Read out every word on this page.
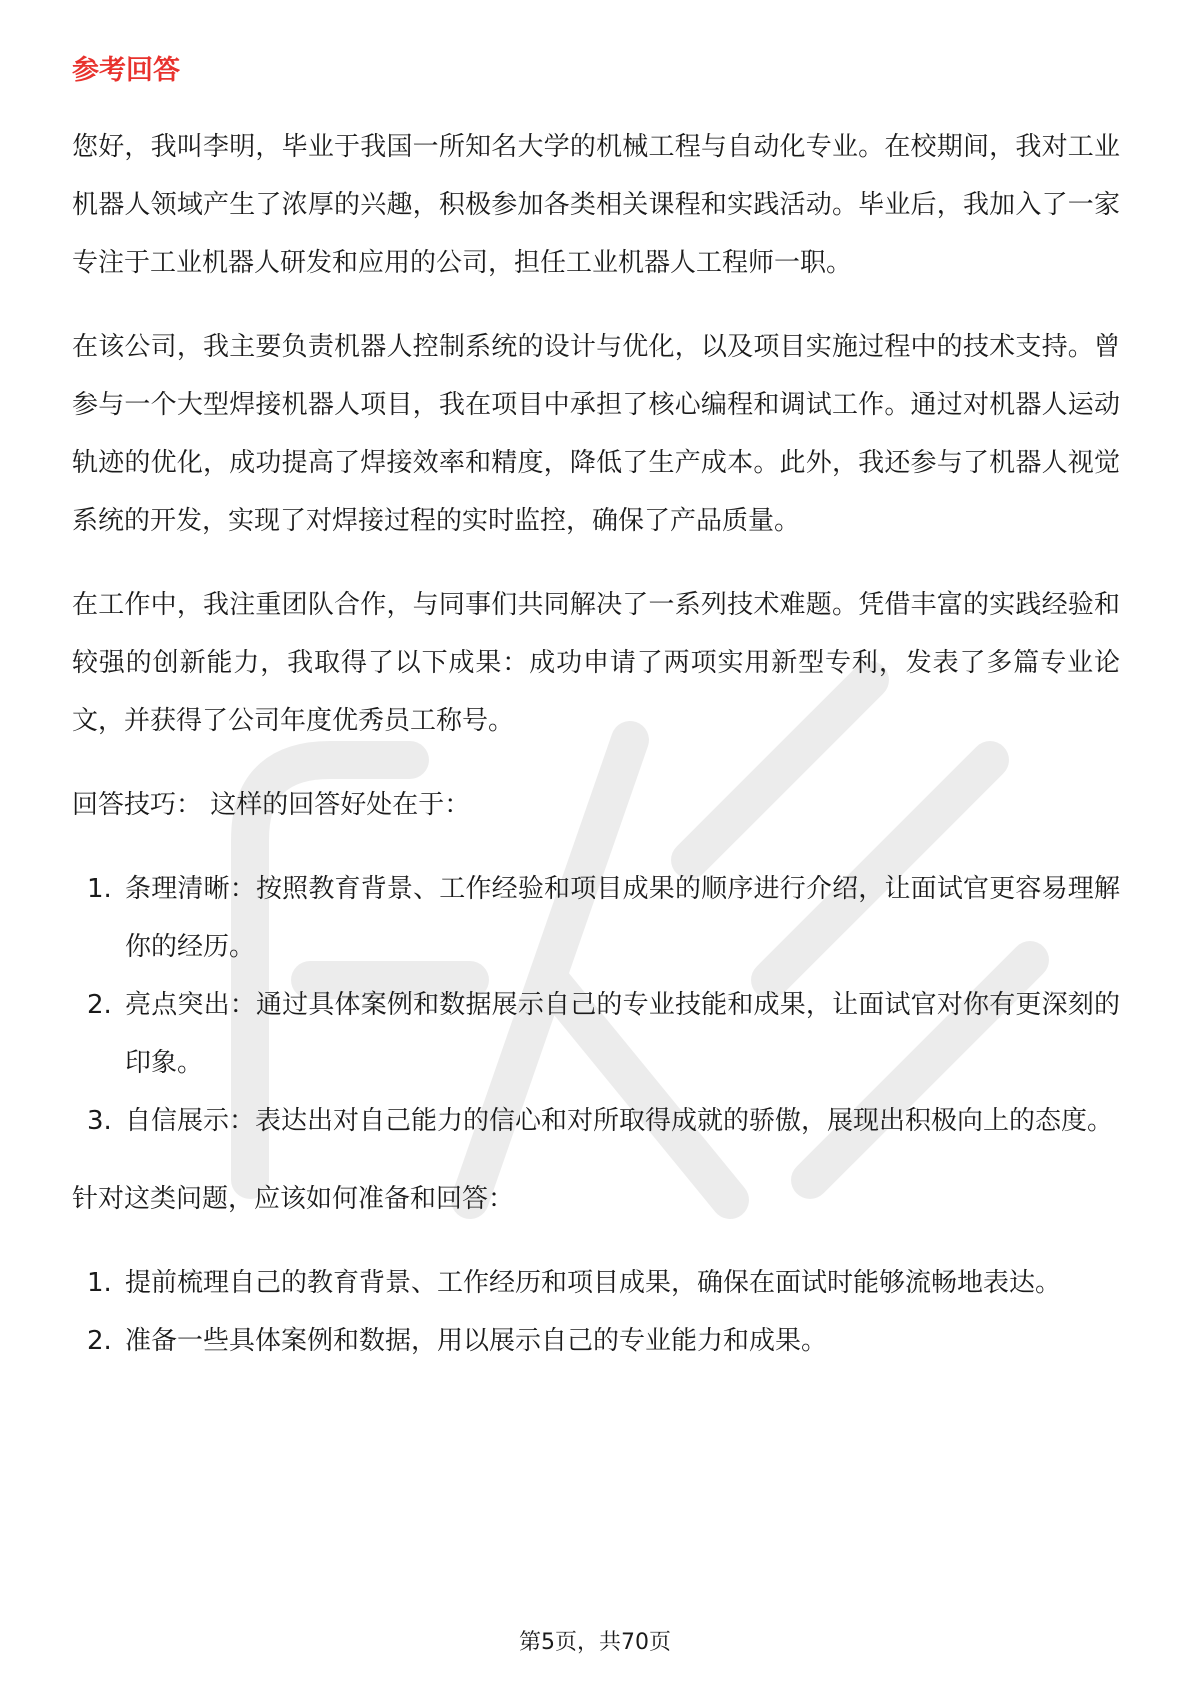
参考回答

您好，我叫李明，毕业于我国一所知名大学的机械工程与自动化专业。在校期间，我对工业机器人领域产生了浓厚的兴趣，积极参加各类相关课程和实践活动。毕业后，我加入了一家专注于工业机器人研发和应用的公司，担任工业机器人工程师一职。

在该公司，我主要负责机器人控制系统的设计与优化，以及项目实施过程中的技术支持。曾参与一个大型焊接机器人项目，我在项目中承担了核心编程和调试工作。通过对机器人运动轨迹的优化，成功提高了焊接效率和精度，降低了生产成本。此外，我还参与了机器人视觉系统的开发，实现了对焊接过程的实时监控，确保了产品质量。

在工作中，我注重团队合作，与同事们共同解决了一系列技术难题。凭借丰富的实践经验和较强的创新能力，我取得了以下成果：成功申请了两项实用新型专利，发表了多篇专业论文，并获得了公司年度优秀员工称号。

回答技巧： 这样的回答好处在于：

1. 条理清晰：按照教育背景、工作经验和项目成果的顺序进行介绍，让面试官更容易理解你的经历。
2. 亮点突出：通过具体案例和数据展示自己的专业技能和成果，让面试官对你有更深刻的印象。
3. 自信展示：表达出对自己能力的信心和对所取得成就的骄傲，展现出积极向上的态度。

针对这类问题，应该如何准备和回答：

1. 提前梳理自己的教育背景、工作经历和项目成果，确保在面试时能够流畅地表达。
2. 准备一些具体案例和数据，用以展示自己的专业能力和成果。
第5页，共70页
